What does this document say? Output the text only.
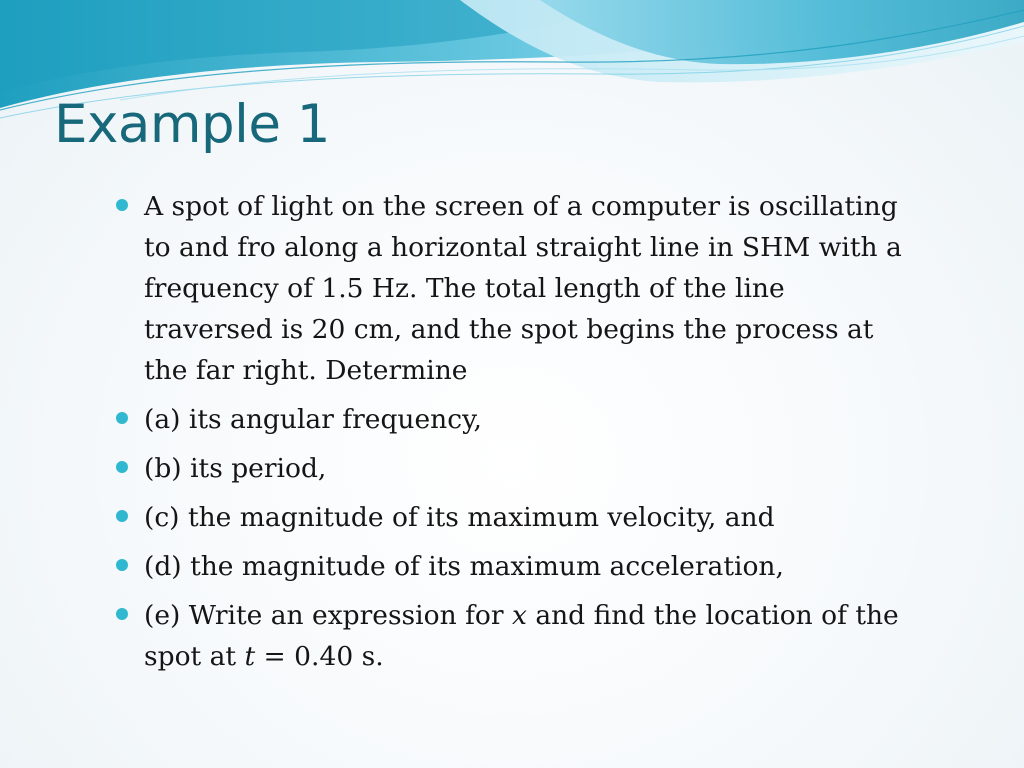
Example 1
A spot of light on the screen of a computer is oscillating to and fro along a horizontal straight line in SHM with a frequency of 1.5 Hz. The total length of the line traversed is 20 cm, and the spot begins the process at the far right. Determine
(a) its angular frequency,
(b) its period,
(c) the magnitude of its maximum velocity, and
(d) the magnitude of its maximum acceleration,
(e) Write an expression for x and find the location of the spot at t = 0.40 s.
